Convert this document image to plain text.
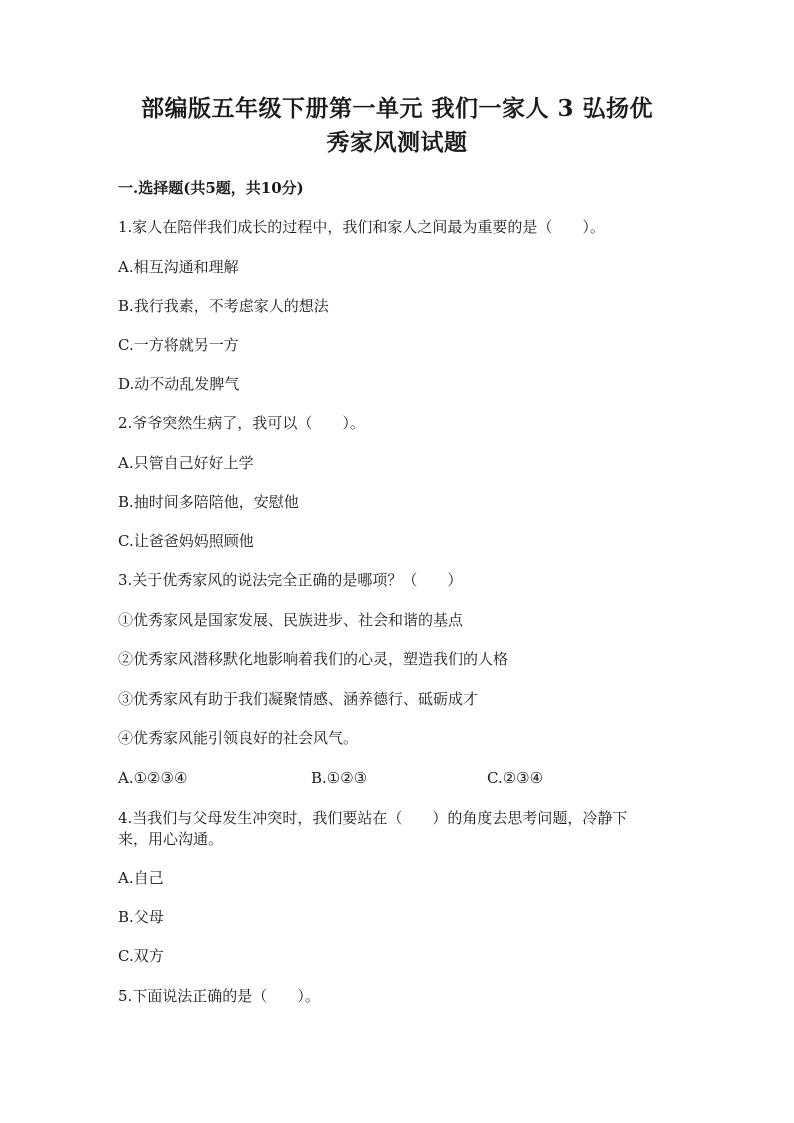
部编版五年级下册第一单元 我们一家人 3 弘扬优
秀家风测试题
一.选择题(共5题，共10分)
1.家人在陪伴我们成长的过程中，我们和家人之间最为重要的是（　　）。
A.相互沟通和理解
B.我行我素，不考虑家人的想法
C.一方将就另一方
D.动不动乱发脾气
2.爷爷突然生病了，我可以（　　）。
A.只管自己好好上学
B.抽时间多陪陪他，安慰他
C.让爸爸妈妈照顾他
3.关于优秀家风的说法完全正确的是哪项？（　　）
①优秀家风是国家发展、民族进步、社会和谐的基点
②优秀家风潜移默化地影响着我们的心灵，塑造我们的人格
③优秀家风有助于我们凝聚情感、涵养德行、砥砺成才
④优秀家风能引领良好的社会风气。
A.①②③④	B.①②③	C.②③④
4.当我们与父母发生冲突时，我们要站在（　　）的角度去思考问题，冷静下
来，用心沟通。
A.自己
B.父母
C.双方
5.下面说法正确的是（　　）。
